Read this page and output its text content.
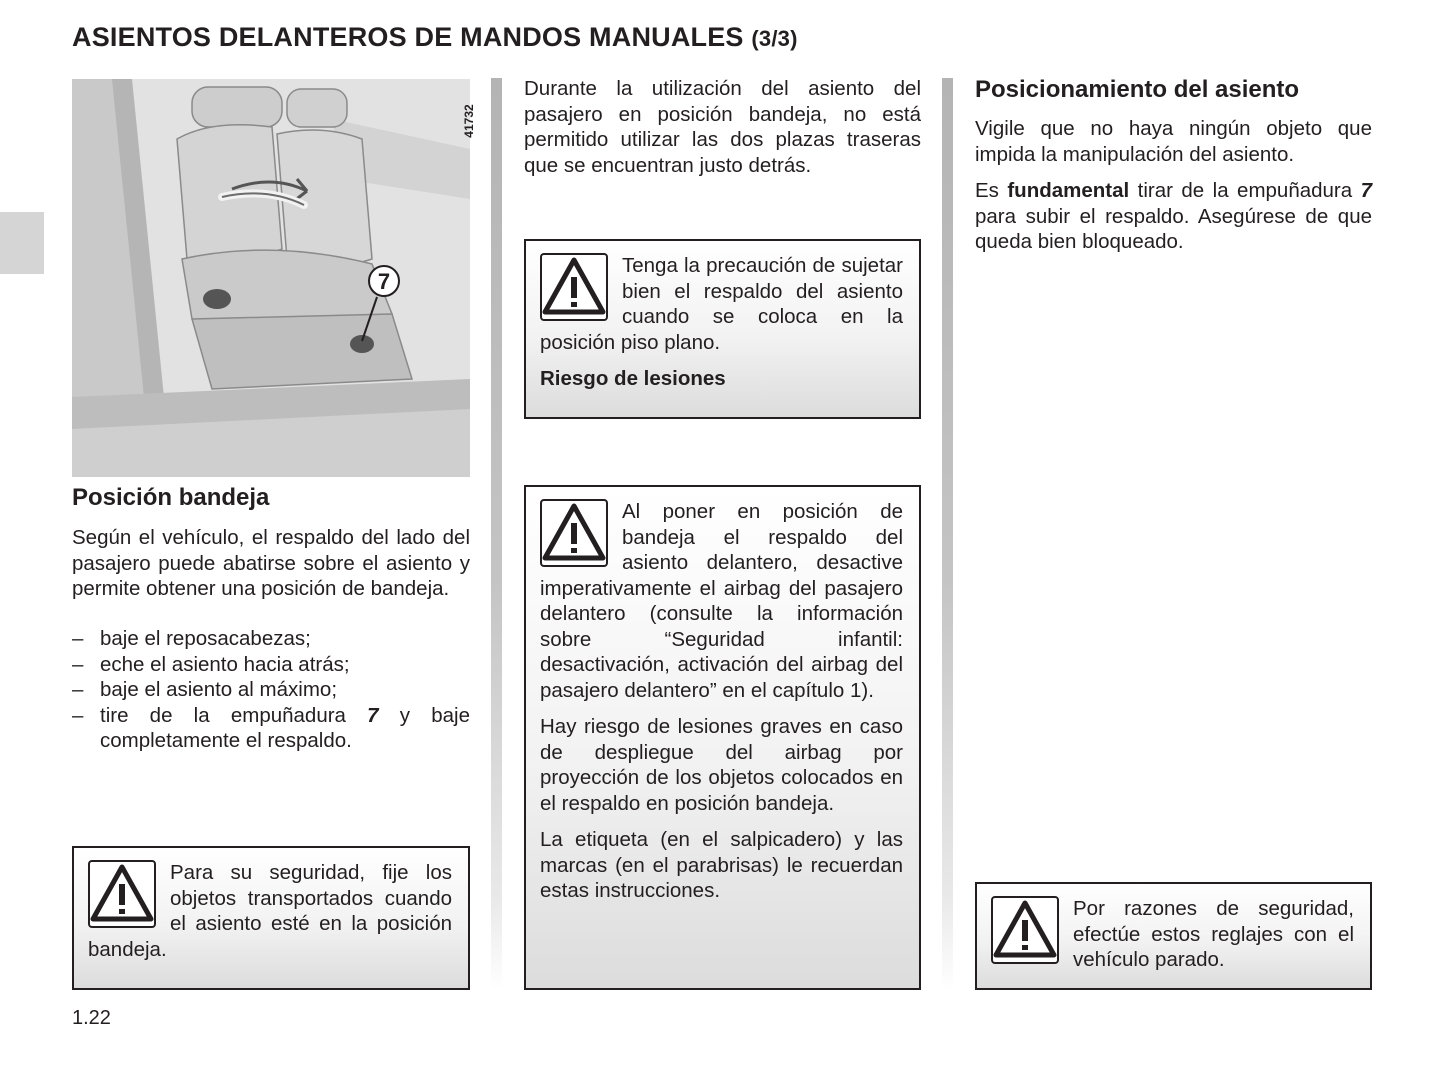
ASIENTOS DELANTEROS DE MANDOS MANUALES (3/3)
7
41732
Posición bandeja

Según el vehículo, el respaldo del lado del pasajero puede abatirse sobre el asiento y permite obtener una posición de bandeja.

– baje el reposacabezas;
– eche el asiento hacia atrás;
– baje el asiento al máximo;
– tire de la empuñadura 7 y baje completamente el respaldo.

Para su seguridad, fije los objetos transportados cuando el asiento esté en la posición bandeja.

Durante la utilización del asiento del pasajero en posición bandeja, no está permitido utilizar las dos plazas traseras que se encuentran justo detrás.

Tenga la precaución de sujetar bien el respaldo del asiento cuando se coloca en la posición piso plano.

Riesgo de lesiones

Al poner en posición de bandeja el respaldo del asiento delantero, desactive imperativamente el airbag del pasajero delantero (consulte la información sobre “Seguridad infantil: desactivación, activación del airbag del pasajero delantero” en el capítulo 1).

Hay riesgo de lesiones graves en caso de despliegue del airbag por proyección de los objetos colocados en el respaldo en posición bandeja.

La etiqueta (en el salpicadero) y las marcas (en el parabrisas) le recuerdan estas instrucciones.

Posicionamiento del asiento

Vigile que no haya ningún objeto que impida la manipulación del asiento.

Es fundamental tirar de la empuñadura 7 para subir el respaldo. Asegúrese de que queda bien bloqueado.

Por razones de seguridad, efectúe estos reglajes con el vehículo parado.

1.22
